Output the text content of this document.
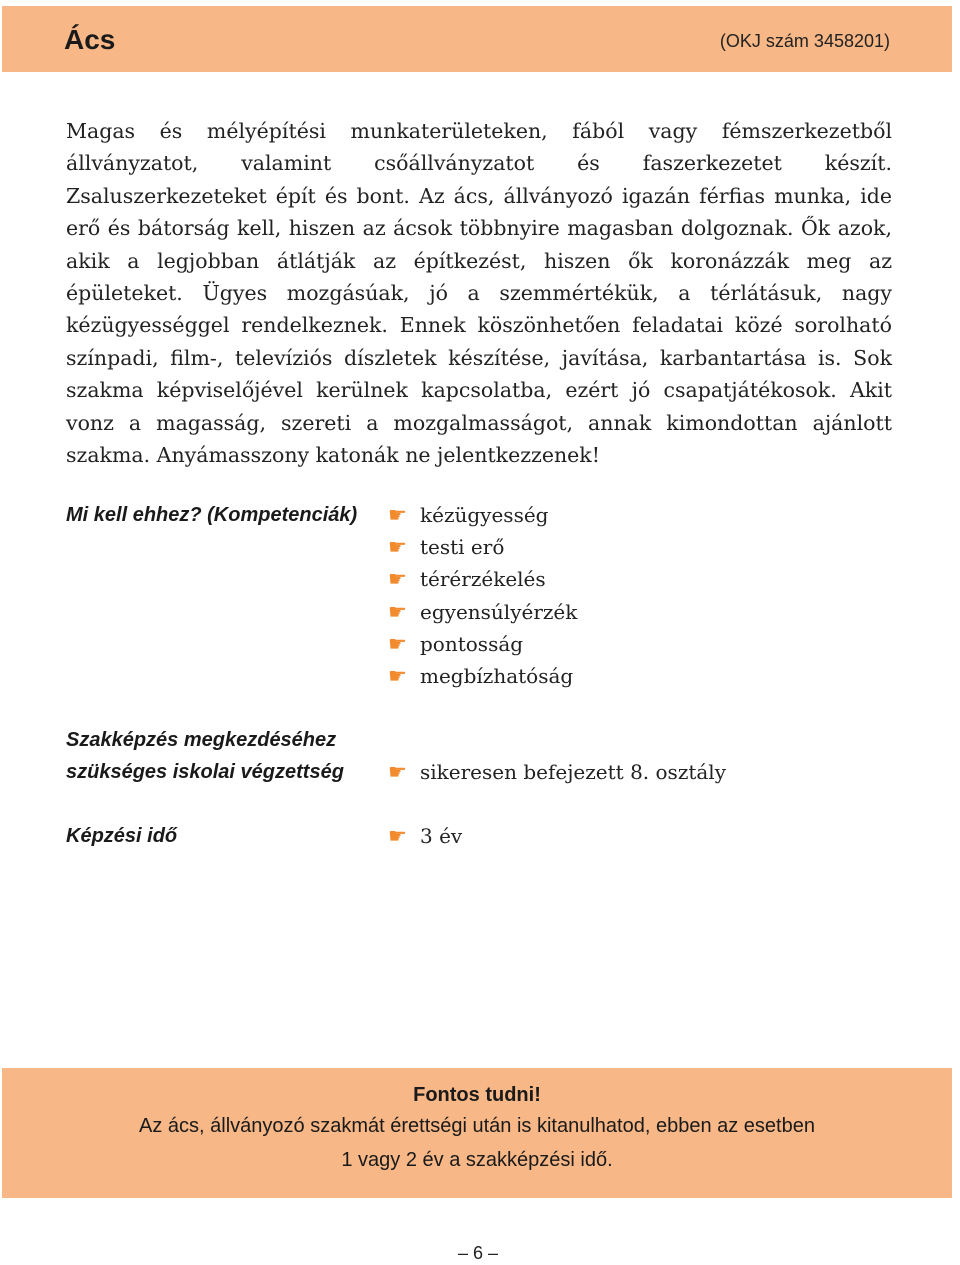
Ács	(OKJ szám 3458201)

Magas és mélyépítési munkaterületeken, fából vagy fémszerkezetből állványzatot, valamint csőállványzatot és faszerkezetet készít. Zsaluszerkezeteket épít és bont. Az ács, állványozó igazán férfias munka, ide erő és bátorság kell, hiszen az ácsok többnyire magasban dolgoznak. Ők azok, akik a legjobban átlátják az építkezést, hiszen ők koronázzák meg az épületeket. Ügyes mozgásúak, jó a szemmértékük, a térlátásuk, nagy kézügyességgel rendelkeznek. Ennek köszönhetően feladatai közé sorolható színpadi, film-, televíziós díszletek készítése, javítása, karbantartása is. Sok szakma képviselőjével kerülnek kapcsolatba, ezért jó csapatjátékosok. Akit vonz a magasság, szereti a mozgalmasságot, annak kimondottan ajánlott szakma. Anyámasszony katonák ne jelentkezzenek!

Mi kell ehhez? (Kompetenciák) ☛ kézügyesség
☛ testi erő
☛ térérzékelés
☛ egyensúlyérzék
☛ pontosság
☛ megbízhatóság
Szakképzés megkezdéséhez
szükséges iskolai végzettség ☛ sikeresen befejezett 8. osztály
Képzési idő	☛ 3 év
Fontos tudni!
Az ács, állványozó szakmát érettségi után is kitanulhatod, ebben az esetben
1 vagy 2 év a szakképzési idő.
– 6 –
